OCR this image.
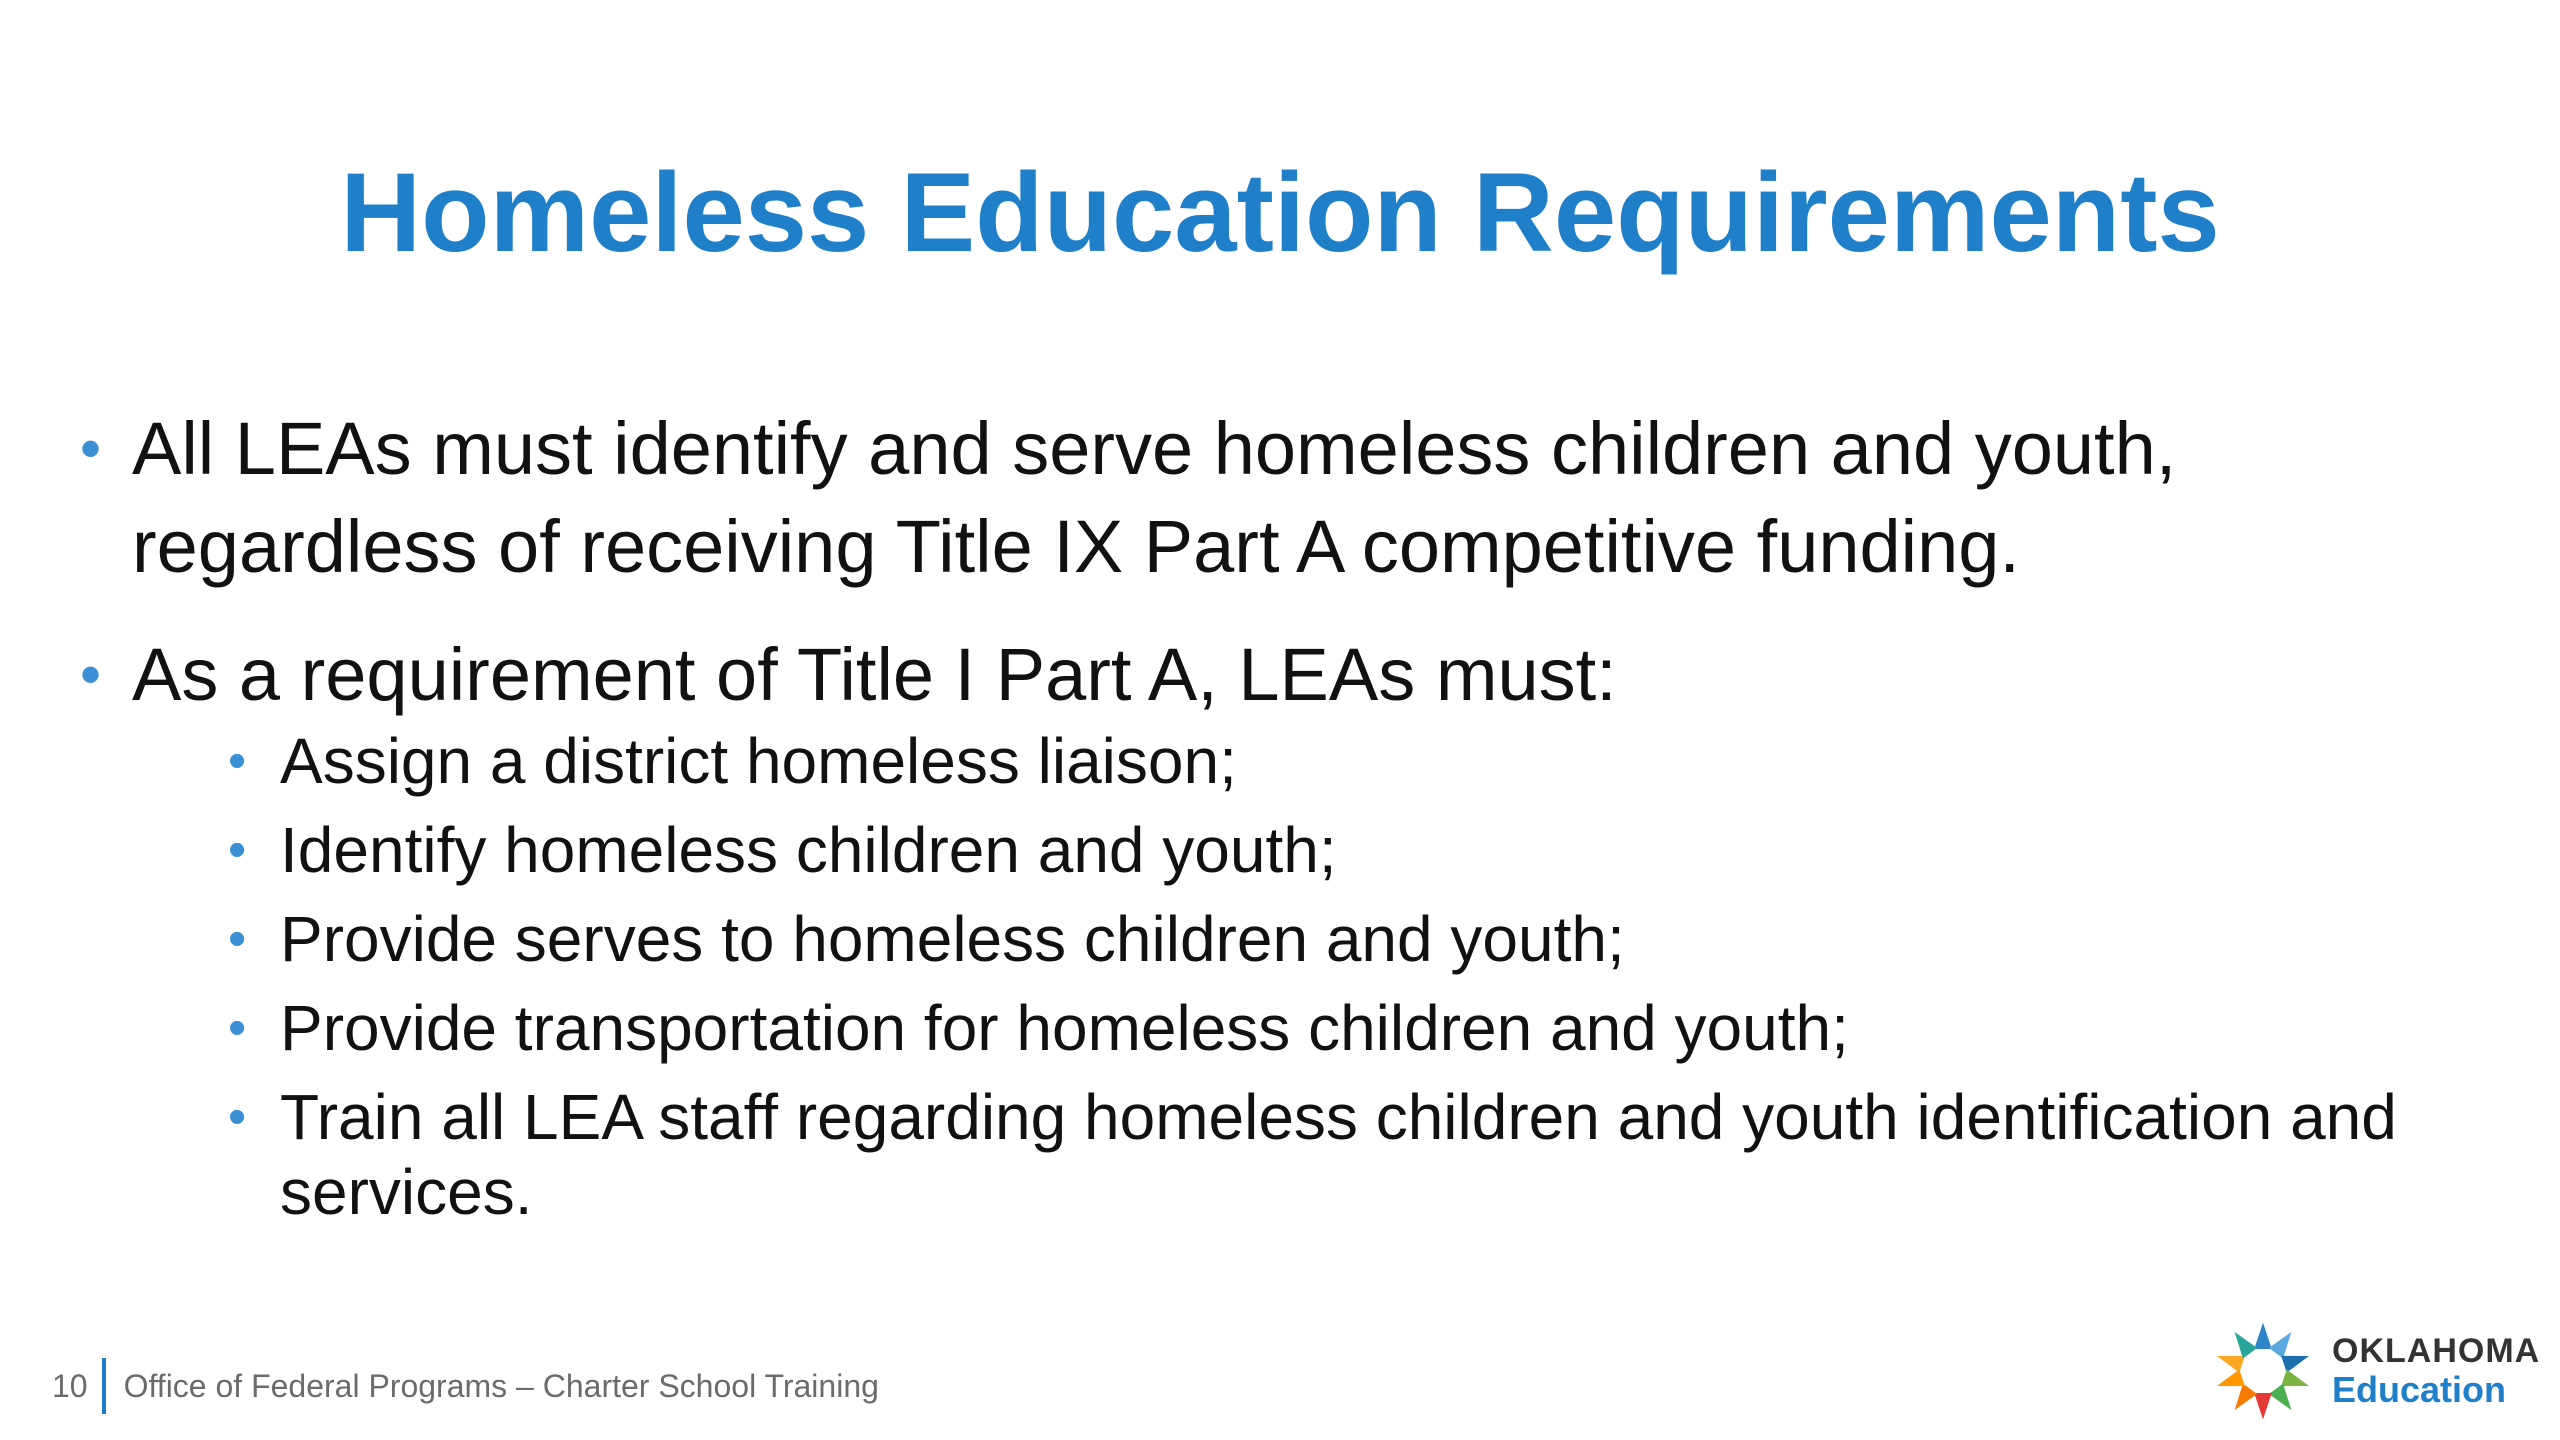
Homeless Education Requirements
• All LEAs must identify and serve homeless children and youth, regardless of receiving Title IX Part A competitive funding.
• As a requirement of Title I Part A, LEAs must:
• Assign a district homeless liaison;
• Identify homeless children and youth;
• Provide serves to homeless children and youth;
• Provide transportation for homeless children and youth;
• Train all LEA staff regarding homeless children and youth identification and services.
10 Office of Federal Programs – Charter School Training
OKLAHOMA
Education
